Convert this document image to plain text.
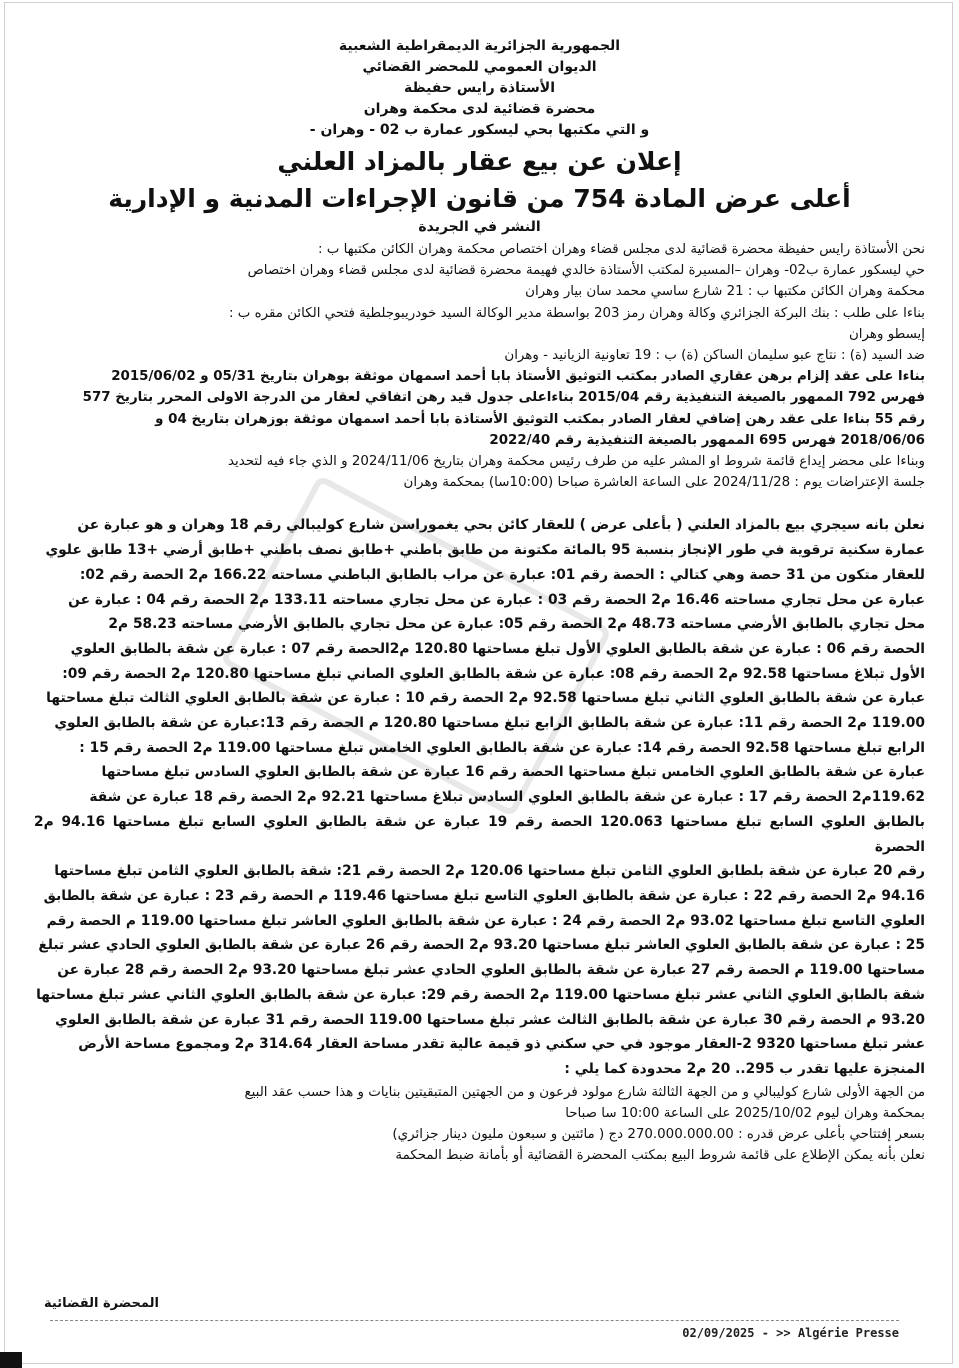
الجمهورية الجزائرية الديمقراطية الشعبية
الديوان العمومي للمحضر القضائي
الأستاذة رايس حفيظة
محضرة قضائية لدى محكمة وهران
و التي مكتبها بحي ليسكور عمارة ب 02 - وهران -
إعلان عن بيع عقار بالمزاد العلني
أعلى عرض المادة 754 من قانون الإجراءات المدنية و الإدارية
النشر في الجريدة

نحن الأستاذة رايس حفيظة محضرة قضائية لدى مجلس قضاء وهران اختصاص محكمة وهران الكائن مكتبها ب :

حي ليسكور عمارة ب02- وهران –المسيرة لمكتب الأستاذة خالدي فهيمة محضرة قضائية لدى مجلس قضاء وهران اختصاص

محكمة وهران الكائن مكتبها ب : 21 شارع ساسي محمد سان بيار وهران

بناءا على طلب : بنك البركة الجزائري وكالة وهران رمز 203 بواسطة مدير الوكالة السيد خودريبوجلطية فتحي الكائن مقره ب :

إيسطو وهران

ضد السيد (ة) : نتاج عبو سليمان الساكن (ة) ب : 19 تعاونية الزيانيد - وهران

بناءا على عقد إلزام برهن عقاري الصادر بمكتب التوثيق الأستاذ بابا أحمد اسمهان موثقة بوهران بتاريخ 05/31 و 2015/06/02

فهرس 792 الممهور بالصيغة التنفيذية رقم 2015/04 بناءاعلى جدول قيد رهن اتفاقي لعقار من الدرجة الاولى المحرر بتاريخ 577

رقم 55 بناءا على عقد رهن إضافي لعقار الصادر بمكتب التوثيق الأستاذة بابا أحمد اسمهان موثقة بوزهران بتاريخ 04 و

2018/06/06 فهرس 695 الممهور بالصيغة التنفيذية رقم 2022/40

وبناءا على محضر إيداع قائمة شروط او المشر عليه من طرف رئيس محكمة وهران بتاريخ 2024/11/06 و الذي جاء فيه لتحديد

جلسة الإعتراضات يوم : 2024/11/28 على الساعة العاشرة صباحا (10:00سا) بمحكمة وهران

نعلن بانه سيجري بيع بالمزاد العلني ( بأعلى عرض ) للعقار كائن بحي يغموراسن شارع كوليبالي رقم 18 وهران و هو عبارة عن

عمارة سكنية ترقوية في طور الإنجاز بنسبة 95 بالمائة مكتونة من طابق باطني +طابق نصف باطني +طابق أرضي +13 طابق علوي

للعقار متكون من 31 حصة وهي كتالي : الحصة رقم 01: عبارة عن مراب بالطابق الباطني مساحته 166.22 م2 الحصة رقم 02:

عبارة عن محل تجاري مساحته 16.46 م2 الحصة رقم 03 : عبارة عن محل تجاري مساحته 133.11 م2 الحصة رقم 04 : عبارة عن

محل تجاري بالطابق الأرضي مساحته 48.73 م2 الحصة رقم 05: عبارة عن محل تجاري بالطابق الأرضي مساحته 58.23 م2

الحصة رقم 06 : عبارة عن شقة بالطابق العلوي الأول تبلغ مساحتها 120.80 م2الحصة رقم 07 : عبارة عن شقة بالطابق العلوي

الأول تبلاغ مساحتها 92.58 م2 الحصة رقم 08: عبارة عن شقة بالطابق العلوي الصاني تبلغ مساحتها 120.80 م2 الحصة رقم 09:

عبارة عن شقة بالطابق العلوي الثاني تبلغ مساحتها 92.58 م2 الحصة رقم 10 : عبارة عن شقة بالطابق العلوي الثالث تبلغ مساحتها

119.00 م2 الحصة رقم 11: عبارة عن شقة بالطابق الرابع تبلغ مساحتها 120.80 م الحصة رقم 13:عبارة عن شقة بالطابق العلوي

الرابع تبلغ مساحتها 92.58 الحصة رقم 14: عبارة عن شقة بالطابق العلوي الخامس تبلغ مساحتها 119.00 م2 الحصة رقم 15 :

عبارة عن شقة بالطابق العلوي الخامس تبلغ مساحتها الحصة رقم 16 عبارة عن شقة بالطابق العلوي السادس تبلغ مساحتها

119.62م2 الحصة رقم 17 : عبارة عن شقة بالطابق العلوي السادس تبلاغ مساحتها 92.21 م2 الحصة رقم 18 عبارة عن شقة

بالطابق العلوي السابع تبلغ مساحتها 120.063 الحصة رقم 19 عبارة عن شقة بالطابق العلوي السابع تبلغ مساحتها 94.16 م2 الحصرة

رقم 20 عبارة عن شقة بلطابق العلوي الثامن تبلغ مساحتها 120.06 م2 الحصة رقم 21: شقة بالطابق العلوي الثامن تبلغ مساحتها

94.16 م2 الحصة رقم 22 : عبارة عن شقة بالطابق العلوي التاسع تبلغ مساحتها 119.46 م الحصة رقم 23 : عبارة عن شقة بالطابق

العلوي التاسع تبلغ مساحتها 93.02 م2 الحصة رقم 24 : عبارة عن شقة بالطابق العلوي العاشر تبلغ مساحتها 119.00 م الحصة رقم

25 : عبارة عن شقة بالطابق العلوي العاشر تبلغ مساحتها 93.20 م2 الحصة رقم 26 عبارة عن شقة بالطابق العلوي الحادي عشر تبلغ

مساحتها 119.00 م الحصة رقم 27 عبارة عن شقة بالطابق العلوي الحادي عشر تبلغ مساحتها 93.20 م2 الحصة رقم 28 عبارة عن

شقة بالطابق العلوي الثاني عشر تبلغ مساحتها 119.00 م2 الحصة رقم 29: عبارة عن شقة بالطابق العلوي الثاني عشر تبلغ مساحتها

93.20 م الحصة رقم 30 عبارة عن شقة بالطابق الثالث عشر تبلغ مساحتها 119.00 الحصة رقم 31 عبارة عن شقة بالطابق العلوي

عشر تبلغ مساحتها 9320 2-العقار موجود في حي سكني ذو قيمة عالية تقدر مساحة العقار 314.64 م2 ومجموع مساحة الأرض

المنجزة عليها تقدر ب 295.. 20 م2 محدودة كما يلي :

من الجهة الأولى شارع كوليبالي و من الجهة الثالثة شارع مولود فرعون و من الجهتين المتبقيتين بنايات و هذا حسب عقد البيع

بمحكمة وهران ليوم 2025/10/02 على الساعة 10:00 سا صباحا

بسعر إفتتاحي بأعلى عرض قدره : 270.000.000.00 دج ( مائتين و سبعون مليون دينار جزائري)

نعلن بأنه يمكن الإطلاع على قائمة شروط البيع بمكتب المحضرة القضائية أو بأمانة ضبط المحكمة

المحضرة القضائية
02/09/2025 - >> Algérie Presse
